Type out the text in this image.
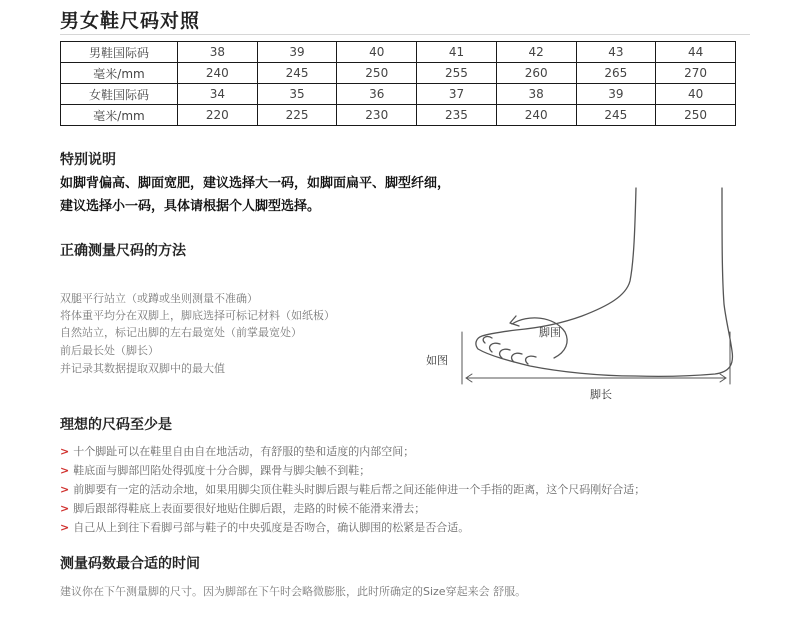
男女鞋尺码对照
男鞋国际码	38	39	40	41	42	43	44
毫米/mm	240	245	250	255	260	265	270
女鞋国际码	34	35	36	37	38	39	40
毫米/mm	220	225	230	235	240	245	250
特别说明
如脚背偏高、脚面宽肥，建议选择大一码，如脚面扁平、脚型纤细，
建议选择小一码，具体请根据个人脚型选择。
正确测量尺码的方法
双腿平行站立（或蹲或坐则测量不准确）
将体重平均分在双脚上，脚底选择可标记材料（如纸板）
自然站立，标记出脚的左右最宽处（前掌最宽处）
前后最长处（脚长）
并记录其数据提取双脚中的最大值
脚围
如图
脚长
理想的尺码至少是
> 十个脚趾可以在鞋里自由自在地活动，有舒服的垫和适度的内部空间；
> 鞋底面与脚部凹陷处得弧度十分合脚，踝骨与脚尖触不到鞋；
> 前脚要有一定的活动余地，如果用脚尖顶住鞋头时脚后跟与鞋后帮之间还能伸进一个手指的距离，这个尺码刚好合适；
> 脚后跟部得鞋底上表面要很好地贴住脚后跟，走路的时候不能滑来滑去；
> 自己从上到往下看脚弓部与鞋子的中央弧度是否吻合，确认脚围的松紧是否合适。
测量码数最合适的时间
建议你在下午测量脚的尺寸。因为脚部在下午时会略微膨胀，此时所确定的Size穿起来会 舒服。
